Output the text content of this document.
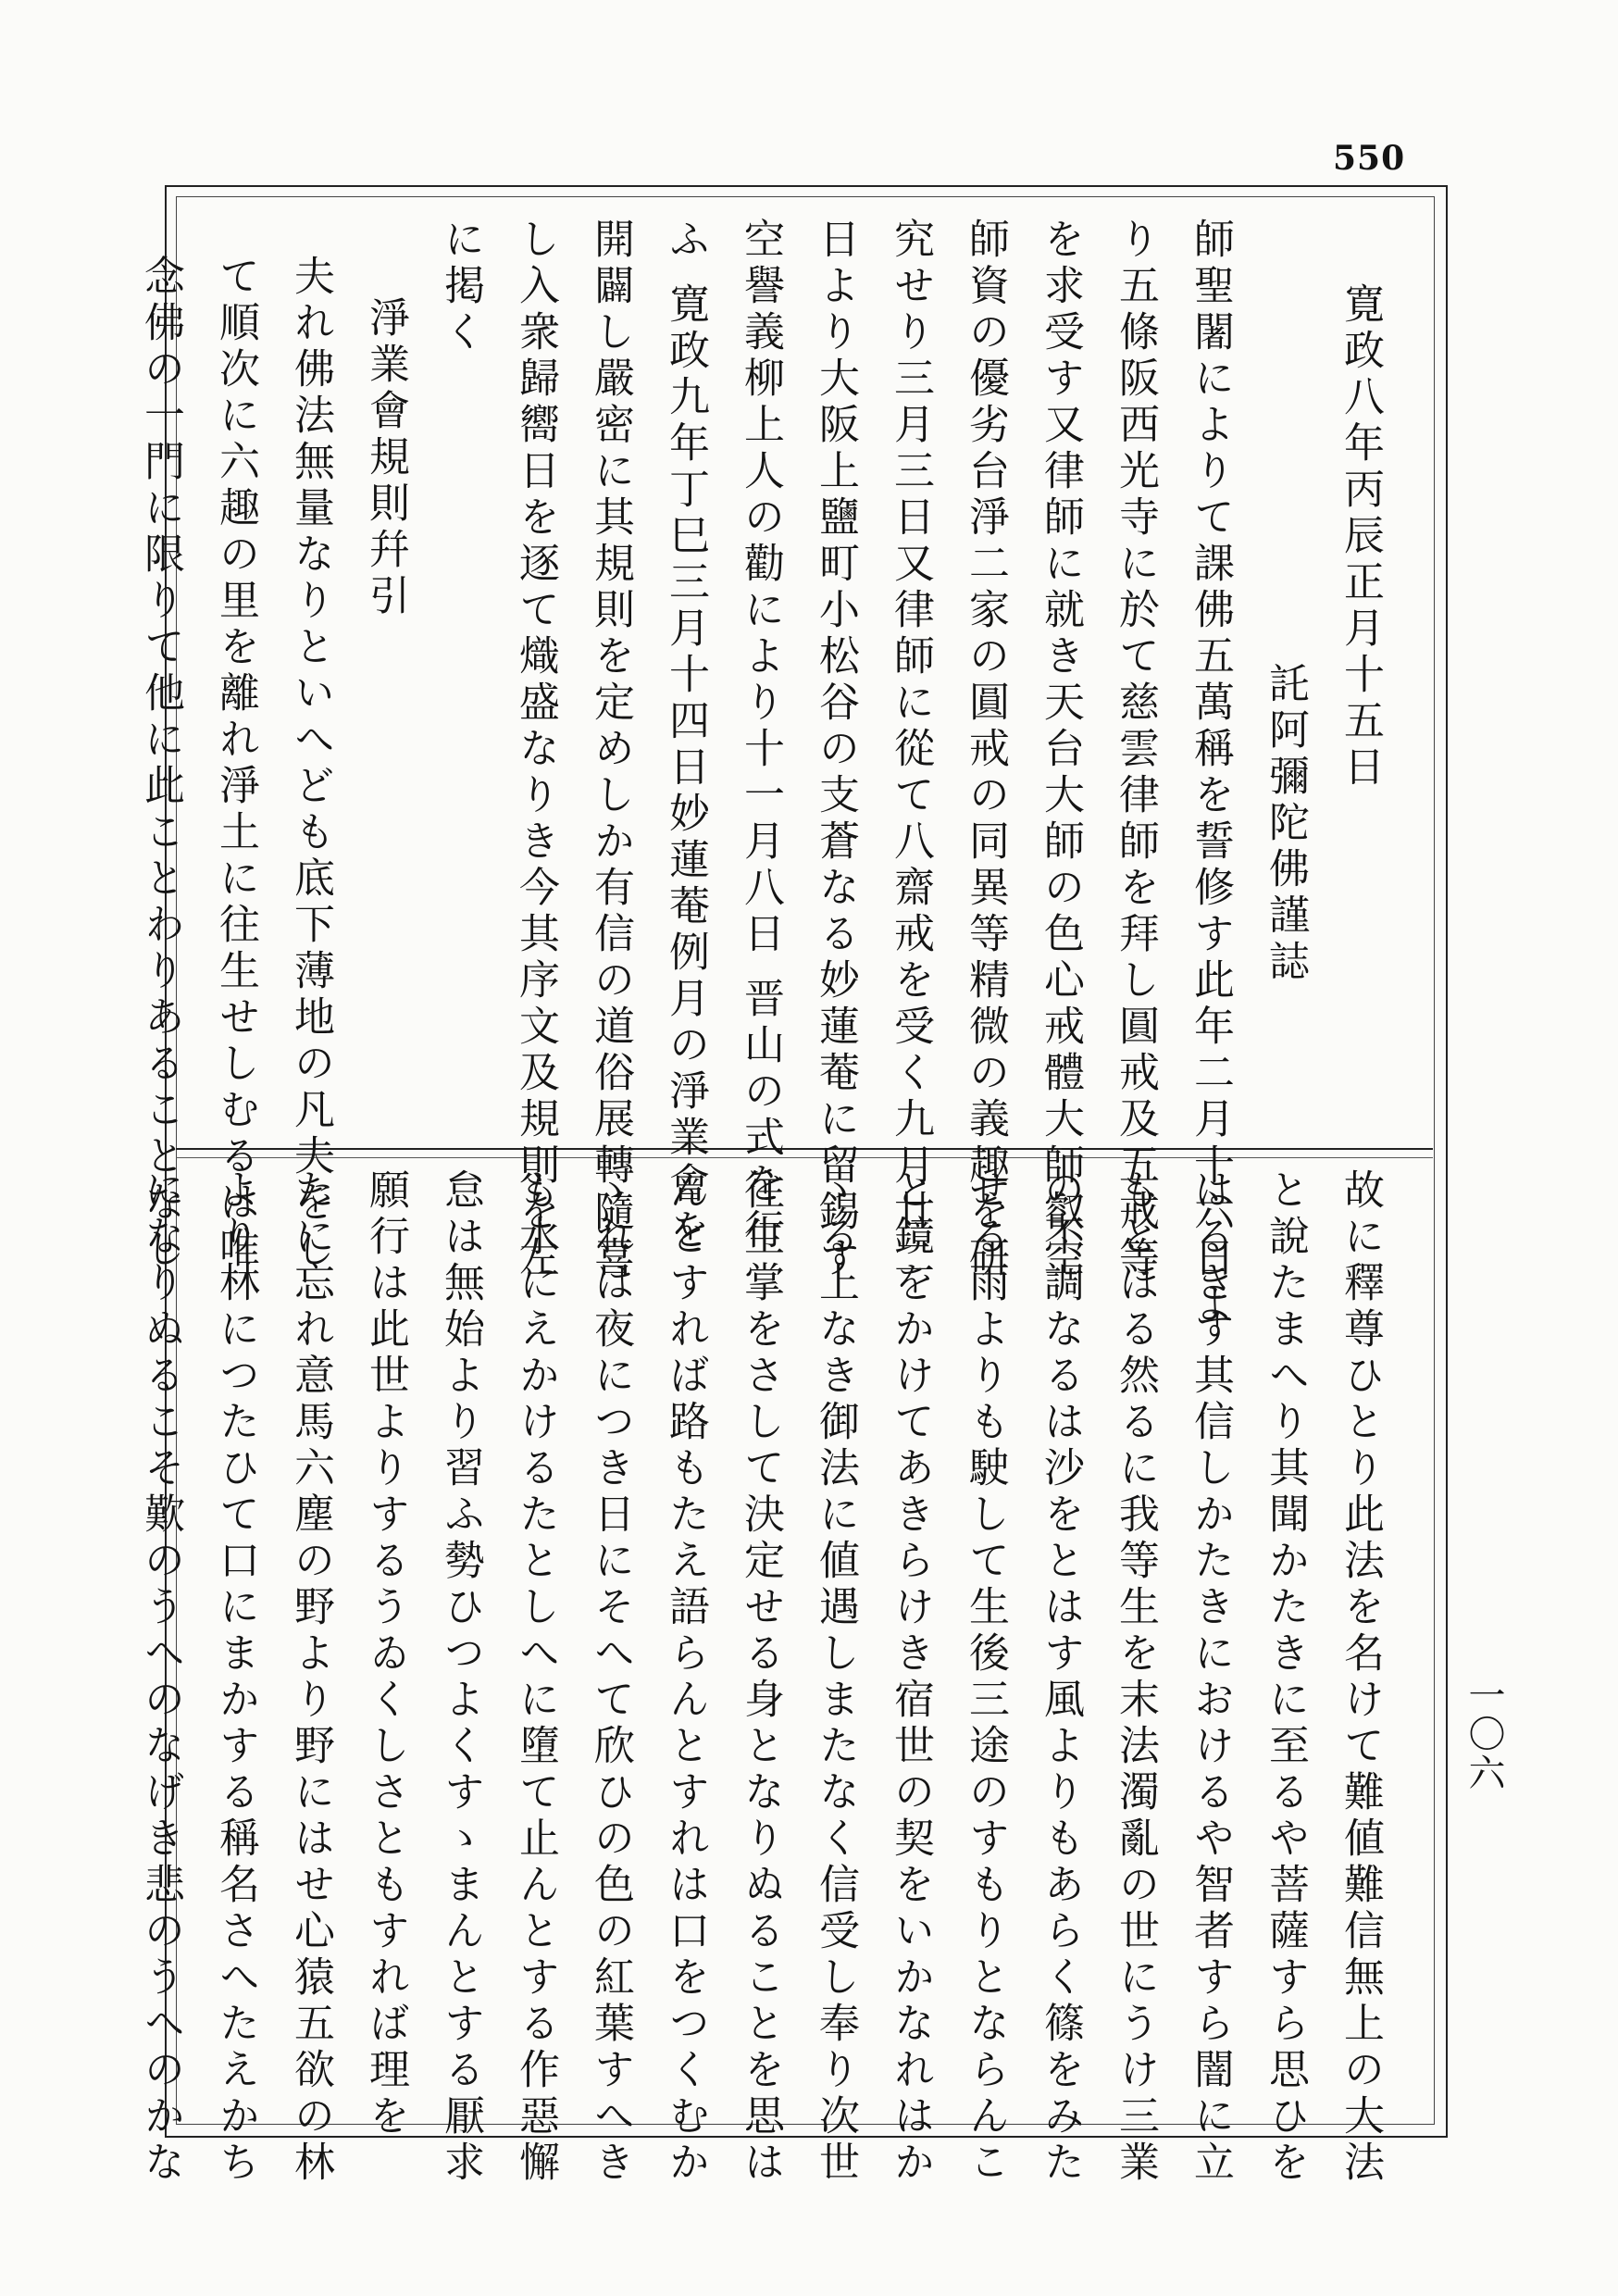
550
寛政八年丙辰正月十五日
託阿彌陀佛謹誌
師聖闍によりて課佛五萬稱を誓修す此年二月十六日よ
り五條阪西光寺に於て慈雲律師を拜し圓戒及五戒等
を求受す又律師に就き天台大師の色心戒體大師叡空
師資の優劣台淨二家の圓戒の同異等精微の義趣を研
究せり三月三日又律師に從て八齋戒を受く九月廿二
日より大阪上鹽町小松谷の支蒼なる妙蓮菴に留錫す
空譽義柳上人の勸により十一月八日 晋山の式を行
ふ 寛政九年丁巳三月十四日妙蓮菴例月の淨業會を
開闢し嚴密に其規則を定めしか有信の道俗展轉隨喜
し入衆歸嚮日を逐て熾盛なりき今其序文及規則を左
に掲く
淨業會規則幷引
夫れ佛法無量なりといへども底下薄地の凡夫をし
て順次に六趣の里を離れ淨土に往生せしむるは唯
念佛の一門に限りて他に此ことわりあることなし
故に釋尊ひとり此法を名けて難値難信無上の大法
と說たまへり其聞かたきに至るや菩薩すら思ひを
はるきす其信しかたきにおけるや智者すら闇に立
もとほる然るに我等生を末法濁亂の世にうけ三業
の不調なるは沙をとはす風よりもあらく篠をみた
せる雨よりも駛して生後三途のすもりとならんこ
と鏡をかけてあきらけき宿世の契をいかなれはか
ゝる上なき御法に値遇しまたなく信受し奉り次世
往生掌をさして決定せる身となりぬることを思は
んとすれば路もたえ語らんとすれは口をつくむか
ゝれは夜につき日にそへて欣ひの色の紅葉すへき
も水にえかけるたとしへに墮て止んとする作惡懈
怠は無始より習ふ勢ひつよくすゝまんとする厭求
願行は此世よりするうゐくしさともすれば理を
たに忘れ意馬六塵の野より野にはせ心猿五欲の林
より林につたひて口にまかする稱名さへたえかち
になりぬるこそ歎のうへのなげき悲のうへのかな	一〇六
